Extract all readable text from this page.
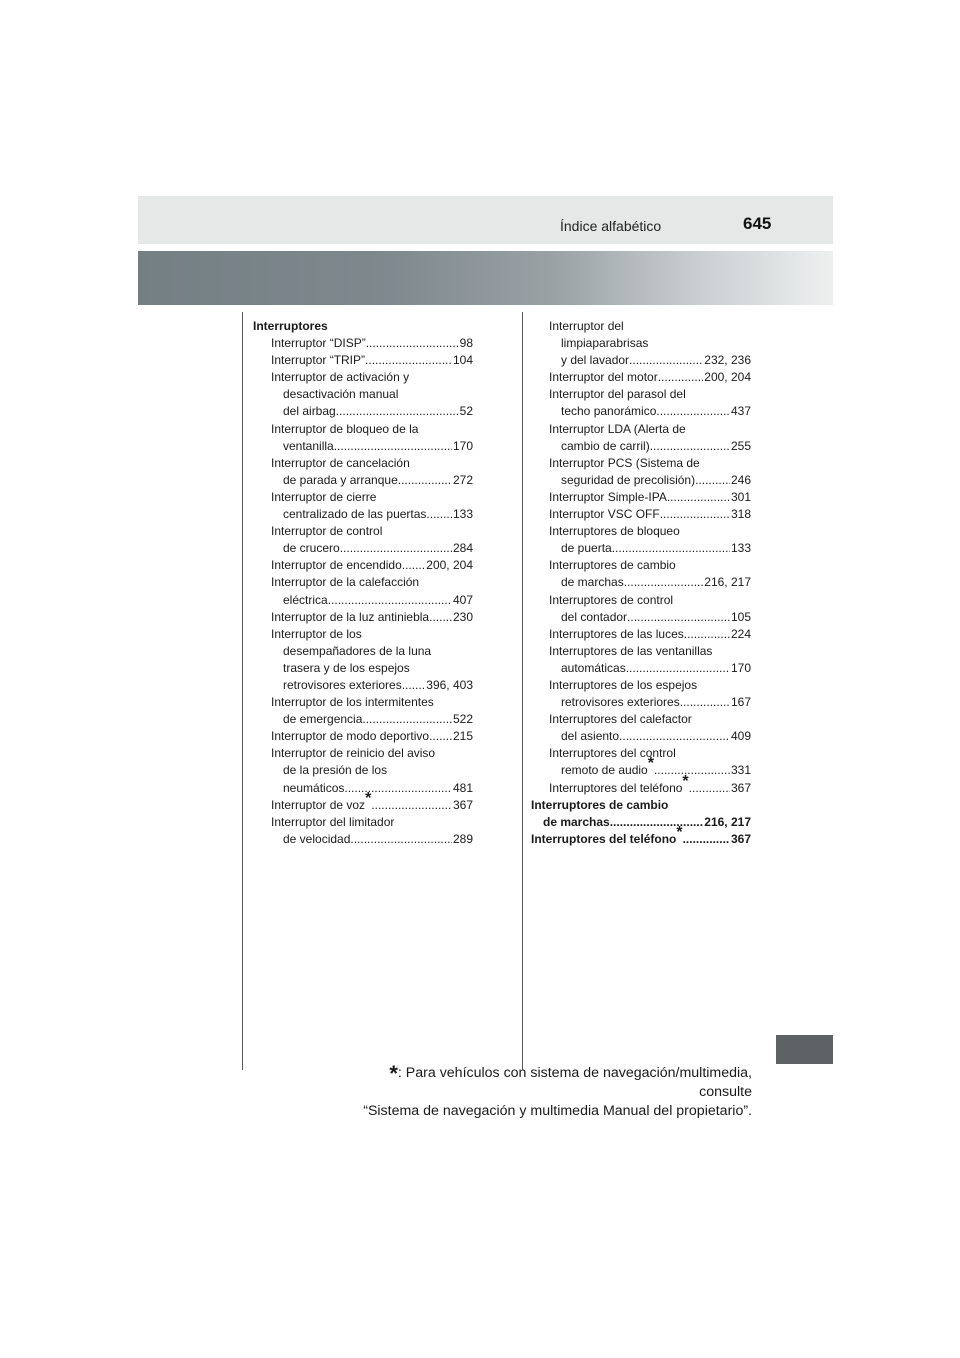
Índice alfabético	645
Interruptores
Interruptor “DISP” .....	98
Interruptor “TRIP” .....	104
Interruptor de activación y
desactivación manual
del airbag .....	52
Interruptor de bloqueo de la
ventanilla .....	170
Interruptor de cancelación
de parada y arranque .....	272
Interruptor de cierre
centralizado de las puertas ..... 133
Interruptor de control
de crucero .....	284
Interruptor de encendido ..... 200, 204
Interruptor de la calefacción
eléctrica .....	407
Interruptor de la luz antiniebla ..... 230
Interruptor de los
desempañadores de la luna
trasera y de los espejos
retrovisores exteriores ..... 396, 403
Interruptor de los intermitentes
de emergencia .....	522
Interruptor de modo deportivo ..... 215
Interruptor de reinicio del aviso
de la presión de los
neumáticos .....	481
Interruptor de voz* .....	367
Interruptor del limitador
de velocidad .....	289
Interruptor del
limpiaparabrisas
y del lavador .....	232, 236
Interruptor del motor .....	200, 204
Interruptor del parasol del
techo panorámico .....	437
Interruptor LDA (Alerta de
cambio de carril) .....	255
Interruptor PCS (Sistema de
seguridad de precolisión) .....	246
Interruptor Simple-IPA .....	301
Interruptor VSC OFF .....	318
Interruptores de bloqueo
de puerta .....	133
Interruptores de cambio
de marchas .....	216, 217
Interruptores de control
del contador .....	105
Interruptores de las luces .....	224
Interruptores de las ventanillas
automáticas .....	170
Interruptores de los espejos
retrovisores exteriores .....	167
Interruptores del calefactor
del asiento .....	409
Interruptores del control
remoto de audio* .....	331
Interruptores del teléfono* .....	367
Interruptores de cambio
de marchas .....	216, 217
Interruptores del teléfono* .....	367
*: Para vehículos con sistema de navegación/multimedia, consulte
“Sistema de navegación y multimedia Manual del propietario”.
